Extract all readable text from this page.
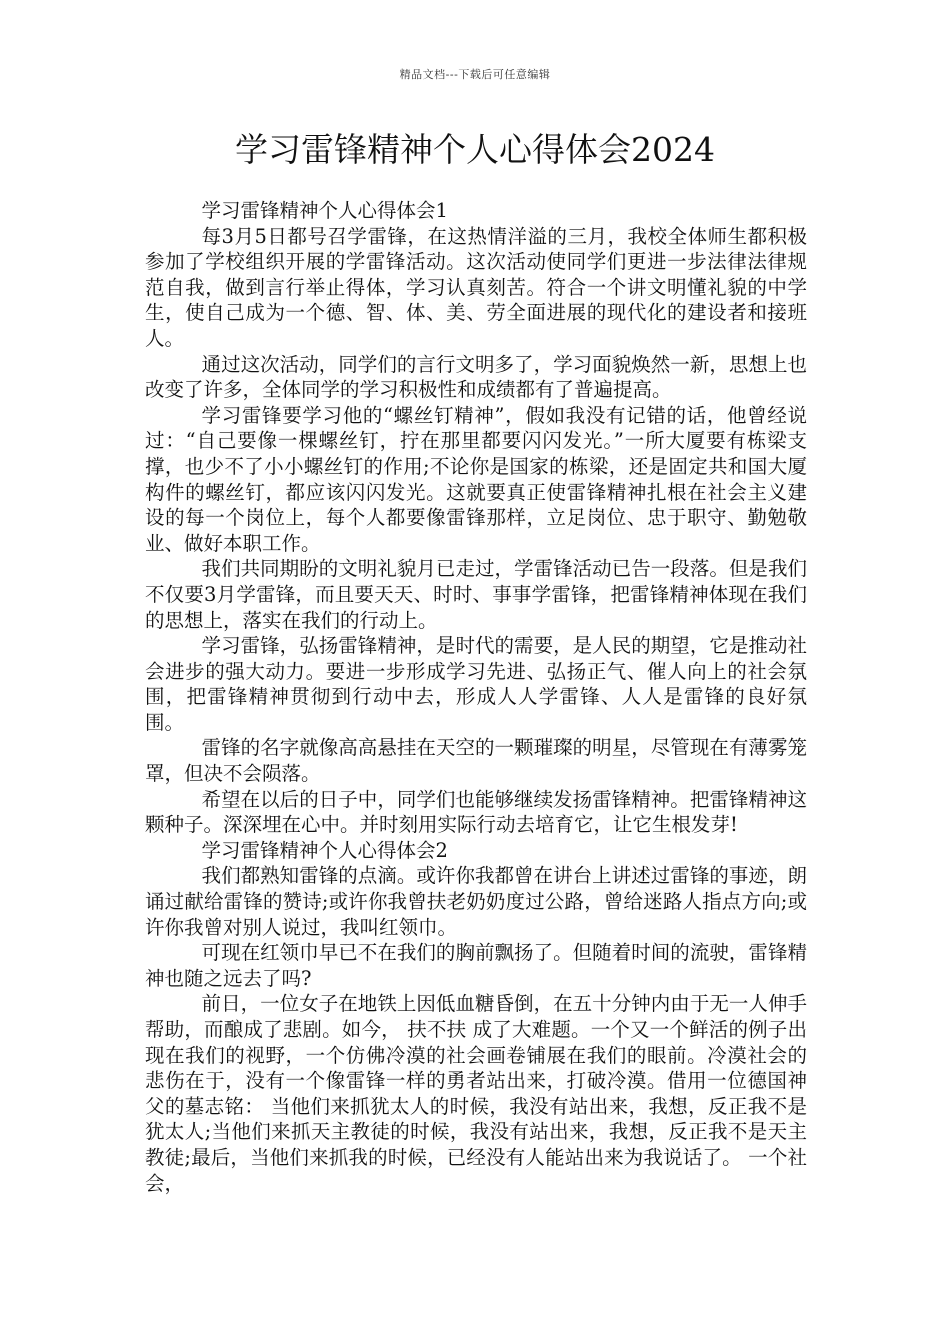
精品文档---下载后可任意编辑
学习雷锋精神个人心得体会2024

学习雷锋精神个人心得体会1

每3月5日都号召学雷锋，在这热情洋溢的三月，我校全体师生都积极参加了学校组织开展的学雷锋活动。这次活动使同学们更进一步法律法律规范自我，做到言行举止得体，学习认真刻苦。符合一个讲文明懂礼貌的中学生，使自己成为一个德、智、体、美、劳全面进展的现代化的建设者和接班人。

通过这次活动，同学们的言行文明多了，学习面貌焕然一新，思想上也改变了许多，全体同学的学习积极性和成绩都有了普遍提高。

学习雷锋要学习他的“螺丝钉精神”，假如我没有记错的话，他曾经说过：“自己要像一棵螺丝钉，拧在那里都要闪闪发光。”一所大厦要有栋梁支撑，也少不了小小螺丝钉的作用;不论你是国家的栋梁，还是固定共和国大厦构件的螺丝钉，都应该闪闪发光。这就要真正使雷锋精神扎根在社会主义建设的每一个岗位上，每个人都要像雷锋那样，立足岗位、忠于职守、勤勉敬业、做好本职工作。

我们共同期盼的文明礼貌月已走过，学雷锋活动已告一段落。但是我们不仅要3月学雷锋，而且要天天、时时、事事学雷锋，把雷锋精神体现在我们的思想上，落实在我们的行动上。

学习雷锋，弘扬雷锋精神，是时代的需要，是人民的期望，它是推动社会进步的强大动力。要进一步形成学习先进、弘扬正气、催人向上的社会氛围，把雷锋精神贯彻到行动中去，形成人人学雷锋、人人是雷锋的良好氛围。

雷锋的名字就像高高悬挂在天空的一颗璀璨的明星，尽管现在有薄雾笼罩，但决不会陨落。

希望在以后的日子中，同学们也能够继续发扬雷锋精神。把雷锋精神这颗种子。深深埋在心中。并时刻用实际行动去培育它，让它生根发芽!

学习雷锋精神个人心得体会2

我们都熟知雷锋的点滴。或许你我都曾在讲台上讲述过雷锋的事迹，朗诵过献给雷锋的赞诗;或许你我曾扶老奶奶度过公路，曾给迷路人指点方向;或许你我曾对别人说过，我叫红领巾。

可现在红领巾早已不在我们的胸前飘扬了。但随着时间的流驶，雷锋精神也随之远去了吗?

前日，一位女子在地铁上因低血糖昏倒，在五十分钟内由于无一人伸手帮助，而酿成了悲剧。如今， 扶不扶 成了大难题。一个又一个鲜活的例子出现在我们的视野，一个仿佛冷漠的社会画卷铺展在我们的眼前。冷漠社会的悲伤在于，没有一个像雷锋一样的勇者站出来，打破冷漠。借用一位德国神父的墓志铭： 当他们来抓犹太人的时候，我没有站出来，我想，反正我不是犹太人;当他们来抓天主教徒的时候，我没有站出来，我想，反正我不是天主教徒;最后，当他们来抓我的时候，已经没有人能站出来为我说话了。 一个社会，
